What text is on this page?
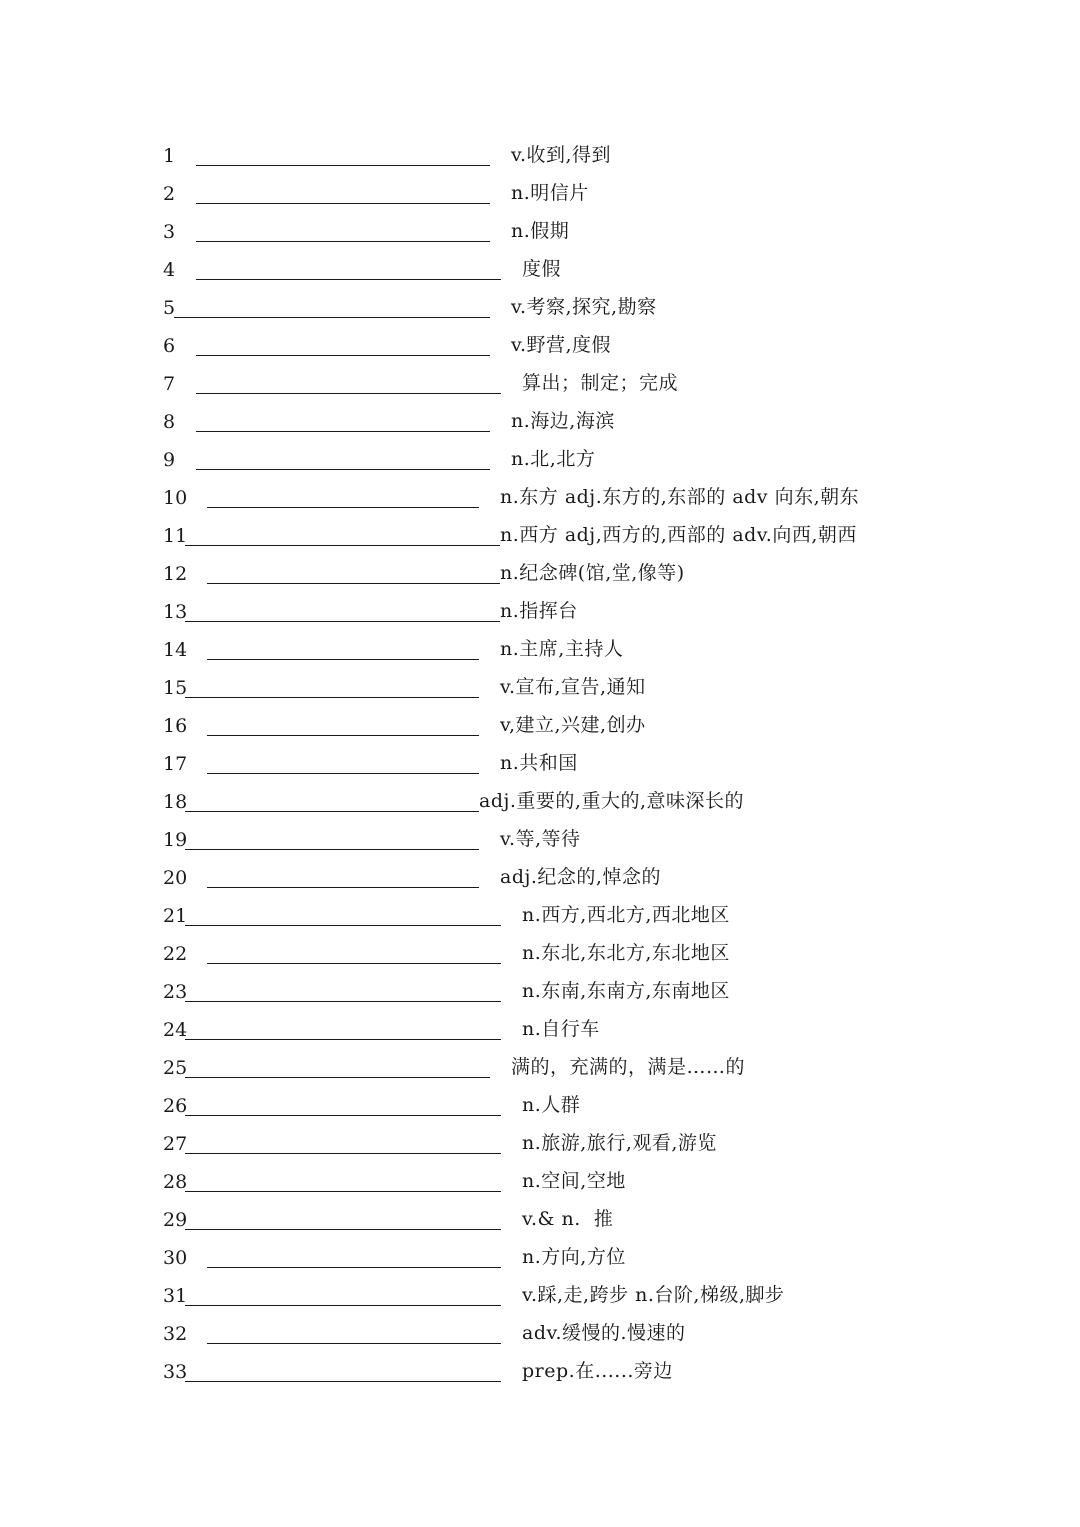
1	v.收到,得到
2	n.明信片
3	n.假期
4	度假
5	v.考察,探究,勘察
6	v.野营,度假
7	算出；制定；完成
8	n.海边,海滨
9	n.北,北方
10	n.东方 adj.东方的,东部的 adv 向东,朝东
11	n.西方 adj,西方的,西部的 adv.向西,朝西
12	n.纪念碑(馆,堂,像等)
13	n.指挥台
14	n.主席,主持人
15	v.宣布,宣告,通知
16	v,建立,兴建,创办
17	n.共和国
18	adj.重要的,重大的,意味深长的
19	v.等,等待
20	adj.纪念的,悼念的
21	n.西方,西北方,西北地区
22	n.东北,东北方,东北地区
23	n.东南,东南方,东南地区
24	n.自行车
25	满的，充满的，满是……的
26	n.人群
27	n.旅游,旅行,观看,游览
28	n.空间,空地
29	v.& n.  推
30	n.方向,方位
31	v.踩,走,跨步 n.台阶,梯级,脚步
32	adv.缓慢的.慢速的
33	prep.在......旁边
